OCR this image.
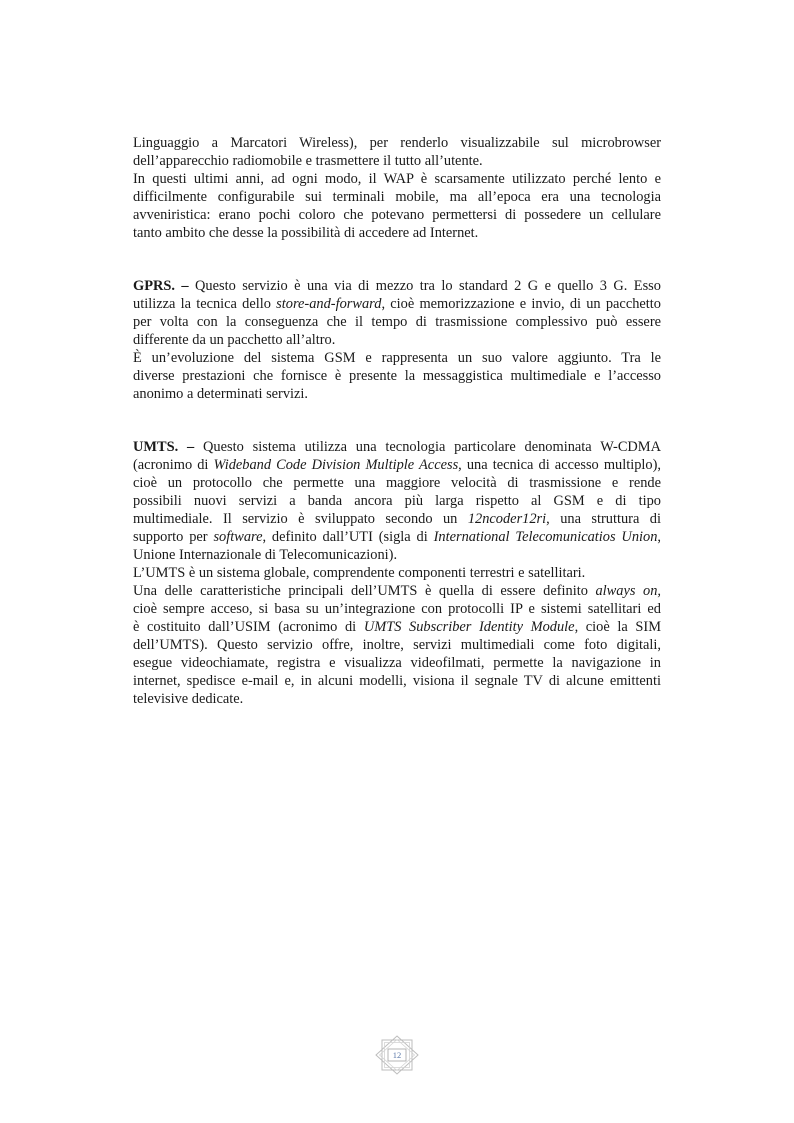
Linguaggio a Marcatori Wireless), per renderlo visualizzabile sul microbrowser
dell’apparecchio radiomobile e trasmettere il tutto all’utente.
In questi ultimi anni, ad ogni modo, il WAP è scarsamente utilizzato perché lento e
difficilmente configurabile sui terminali mobile, ma all’epoca era una tecnologia
avveniristica: erano pochi coloro che potevano permettersi di possedere un cellulare
tanto ambito che desse la possibilità di accedere ad Internet.
GPRS. – Questo servizio è una via di mezzo tra lo standard 2 G e quello 3 G. Esso
utilizza la tecnica dello store-and-forward, cioè memorizzazione e invio, di un pacchetto
per volta con la conseguenza che il tempo di trasmissione complessivo può essere
differente da un pacchetto all’altro.
È un’evoluzione del sistema GSM e rappresenta un suo valore aggiunto. Tra le
diverse prestazioni che fornisce è presente la messaggistica multimediale e l’accesso
anonimo a determinati servizi.
UMTS. – Questo sistema utilizza una tecnologia particolare denominata W-CDMA
(acronimo di Wideband Code Division Multiple Access, una tecnica di accesso multiplo),
cioè un protocollo che permette una maggiore velocità di trasmissione e rende
possibili nuovi servizi a banda ancora più larga rispetto al GSM e di tipo
multimediale. Il servizio è sviluppato secondo un 12ncoder12ri, una struttura di
supporto per software, definito dall’UTI (sigla di International Telecomunicatios Union,
Unione Internazionale di Telecomunicazioni).
L’UMTS è un sistema globale, comprendente componenti terrestri e satellitari.
Una delle caratteristiche principali dell’UMTS è quella di essere definito always on,
cioè sempre acceso, si basa su un’integrazione con protocolli IP e sistemi satellitari ed
è costituito dall’USIM (acronimo di UMTS Subscriber Identity Module, cioè la SIM
dell’UMTS). Questo servizio offre, inoltre, servizi multimediali come foto digitali,
esegue videochiamate, registra e visualizza videofilmati, permette la navigazione in
internet, spedisce e-mail e, in alcuni modelli, visiona il segnale TV di alcune emittenti
televisive dedicate.
12
